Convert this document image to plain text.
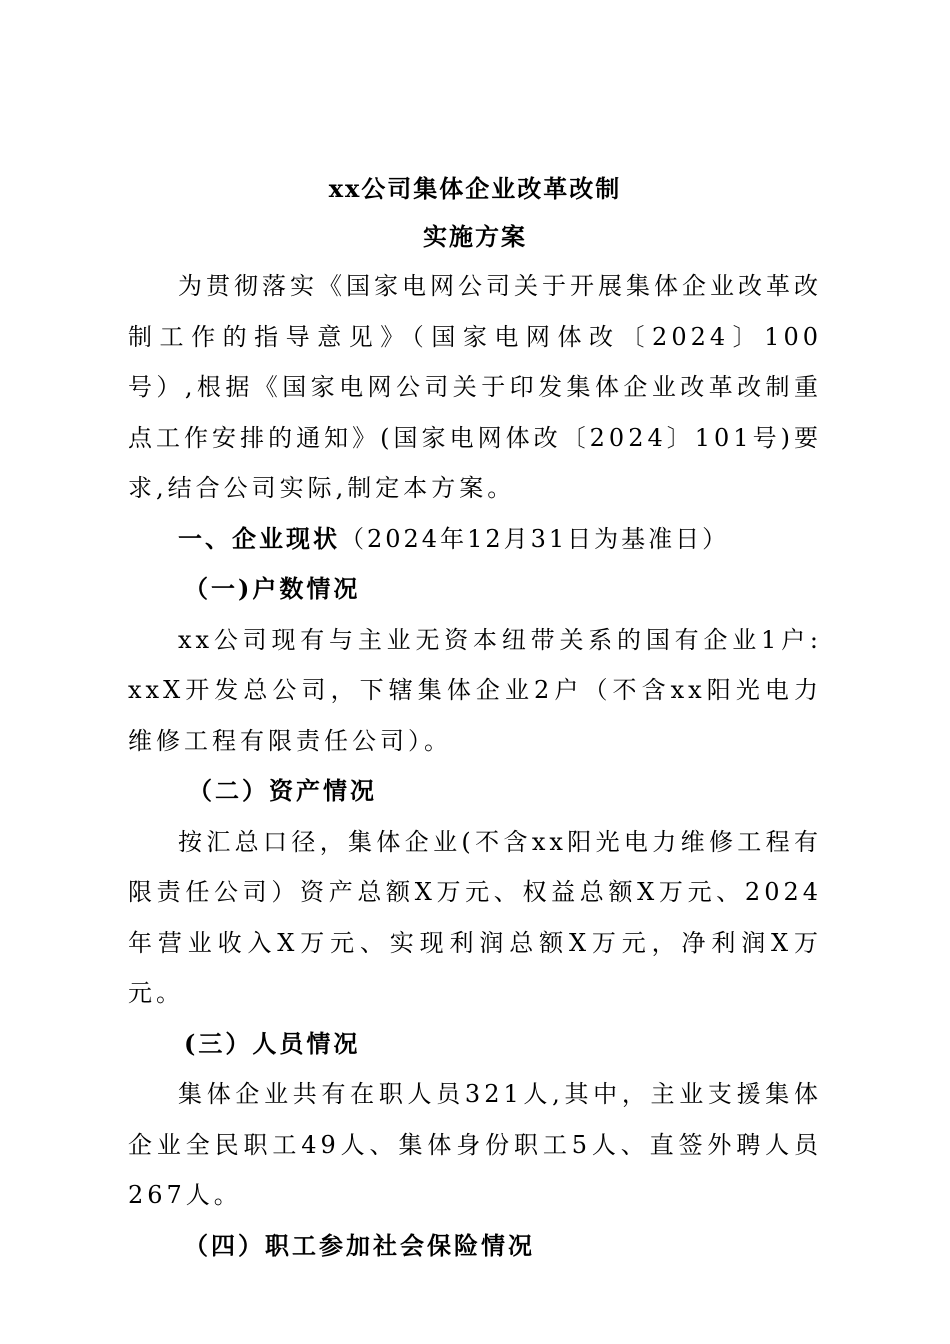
xx公司集体企业改革改制
实施方案

为贯彻落实《国家电网公司关于开展集体企业改革改制工作的指导意见》（国家电网体改〔2024〕100号）,根据《国家电网公司关于印发集体企业改革改制重点工作安排的通知》(国家电网体改〔2024〕101号)要求,结合公司实际,制定本方案。

一、企业现状（2024年12月31日为基准日）
（一)户数情况

xx公司现有与主业无资本纽带关系的国有企业1户: xxX开发总公司，下辖集体企业2户（不含xx阳光电力维修工程有限责任公司）。

（二）资产情况

按汇总口径，集体企业(不含xx阳光电力维修工程有限责任公司）资产总额X万元、权益总额X万元、2024年营业收入X万元、实现利润总额X万元，净利润X万元。

(三）人员情况

集体企业共有在职人员321人,其中，主业支援集体企业全民职工49人、集体身份职工5人、直签外聘人员267人。

（四）职工参加社会保险情况
